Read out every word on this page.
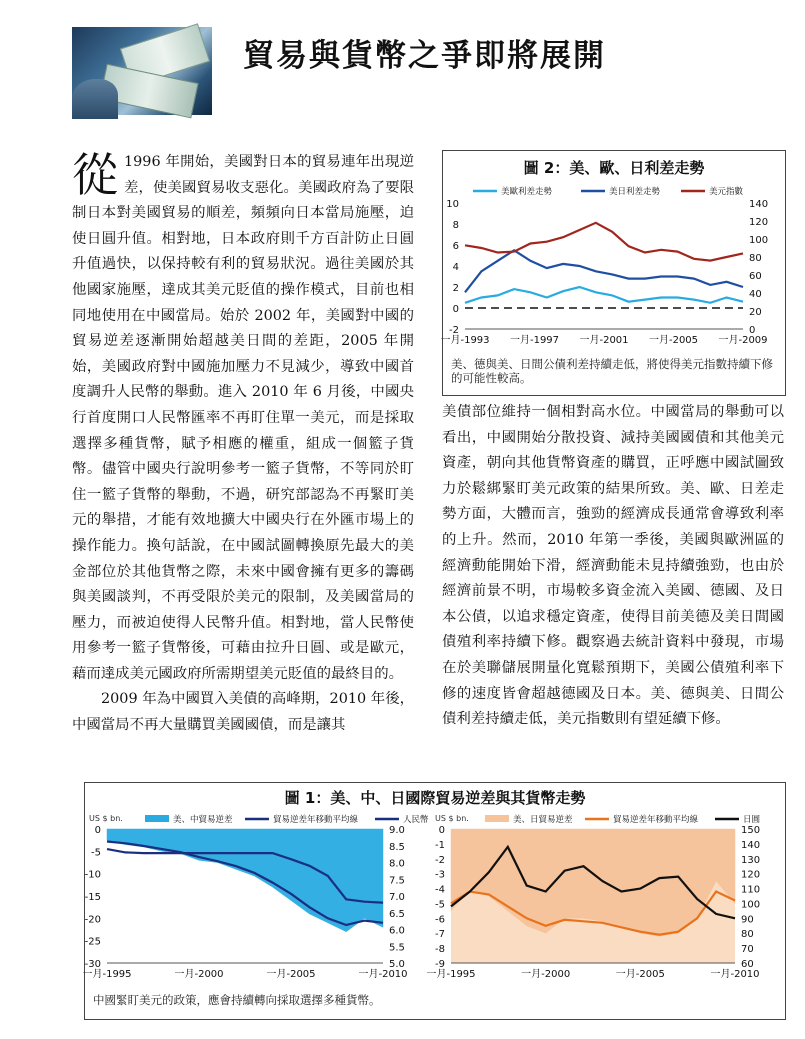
貿易與貨幣之爭即將展開

從 1996 年開始，美國對日本的貿易連年出現逆差，使美國貿易收支惡化。美國政府為了要限制日本對美國貿易的順差，頻頻向日本當局施壓，迫使日圓升值。相對地，日本政府則千方百計防止日圓升值過快，以保持較有利的貿易狀況。過往美國於其他國家施壓，達成其美元貶值的操作模式，目前也相同地使用在中國當局。始於 2002 年，美國對中國的貿易逆差逐漸開始超越美日間的差距，2005 年開始，美國政府對中國施加壓力不見減少，導致中國首度調升人民幣的舉動。進入 2010 年 6 月後，中國央行首度開口人民幣匯率不再盯住單一美元，而是採取選擇多種貨幣，賦予相應的權重，組成一個籃子貨幣。儘管中國央行說明參考一籃子貨幣，不等同於盯住一籃子貨幣的舉動，不過，研究部認為不再緊盯美元的舉措，才能有效地擴大中國央行在外匯市場上的操作能力。換句話說，在中國試圖轉換原先最大的美金部位於其他貨幣之際，未來中國會擁有更多的籌碼與美國談判，不再受限於美元的限制，及美國當局的壓力，而被迫使得人民幣升值。相對地，當人民幣使用參考一籃子貨幣後，可藉由拉升日圓、或是歐元，藉而達成美元國政府所需期望美元貶值的最終目的。

2009 年為中國買入美債的高峰期，2010 年後，中國當局不再大量購買美國國債，而是讓其

圖 2：美、歐、日利差走勢
10
8
6
4
2
0
-2
140
120
100
80
60
40
20
0
一月-1993 一月-1997 一月-2001 一月-2005 一月-2009
美歐利差走勢	美日利差走勢	美元指數
美、德與美、日間公債利差持續走低，將使得美元指數持續下修的可能性較高。

美債部位維持一個相對高水位。中國當局的舉動可以看出，中國開始分散投資、減持美國國債和其他美元資產，朝向其他貨幣資產的購買，正呼應中國試圖致力於鬆綁緊盯美元政策的結果所致。美、歐、日差走勢方面，大體而言，強勁的經濟成長通常會導致利率的上升。然而，2010 年第一季後，美國與歐洲區的經濟動能開始下滑，經濟動能未見持續強勁，也由於經濟前景不明，市場較多資金流入美國、德國、及日本公債，以追求穩定資產，使得目前美德及美日間國債殖利率持續下修。觀察過去統計資料中發現，市場在於美聯儲展開量化寬鬆預期下，美國公債殖利率下修的速度皆會超越德國及日本。美、德與美、日間公債利差持續走低，美元指數則有望延續下修。

圖 1：美、中、日國際貿易逆差與其貨幣走勢
0
-5
-10
-15
-20
-25
-30
9.0
8.5
8.0
7.5
7.0
6.5
6.0
5.5
5.0
一月-1995	一月-2000	一月-2005	一月-2010
美、中貿易逆差	貿易逆差年移動平均線	人民幣
US $ bn.
0
-1
-2
-3
-4
-5
-6
-7
-8
-9
150
140
130
120
110
100
90
80
70
60
一月-1995	一月-2000	一月-2005	一月-2010
美、日貿易逆差	貿易逆差年移動平均線	日圓
US $ bn.
中國緊盯美元的政策，應會持續轉向採取選擇多種貨幣。
